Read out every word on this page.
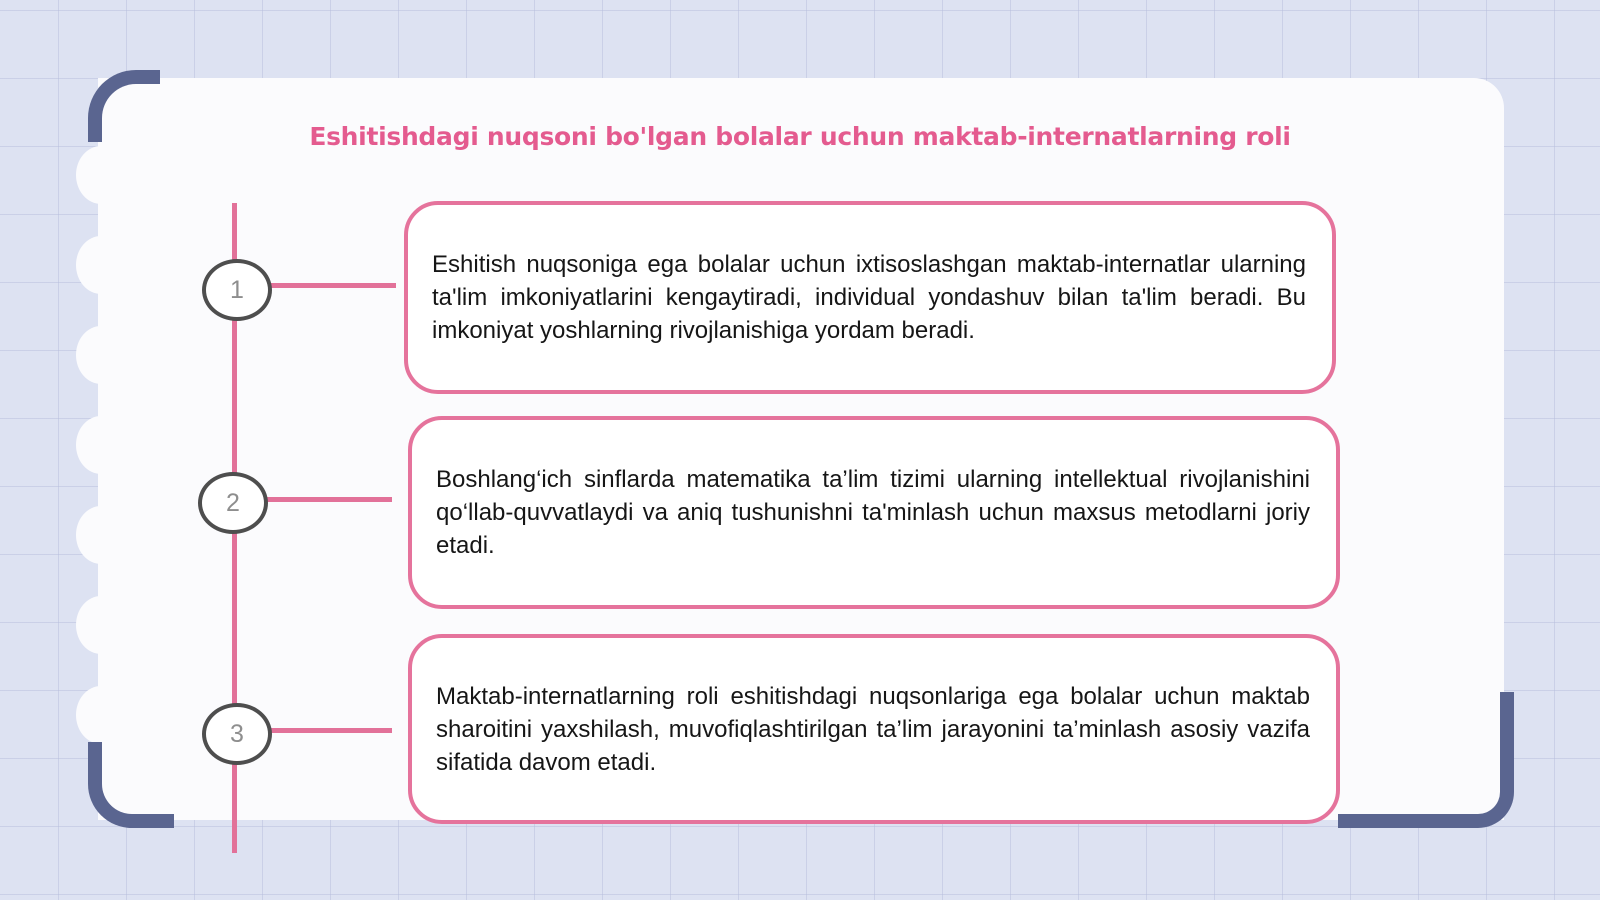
Eshitishdagi nuqsoni bo'lgan bolalar uchun maktab-internatlarning roli
1
2
3

Eshitish nuqsoniga ega bolalar uchun ixtisoslashgan maktab-internatlar ularning ta'lim imkoniyatlarini kengaytiradi, individual yondashuv bilan ta'lim beradi. Bu imkoniyat yoshlarning rivojlanishiga yordam beradi.

Boshlang‘ich sinflarda matematika ta’lim tizimi ularning intellektual rivojlanishini qo‘llab-quvvatlaydi va aniq tushunishni ta'minlash uchun maxsus metodlarni joriy etadi.

Maktab-internatlarning roli eshitishdagi nuqsonlariga ega bolalar uchun maktab sharoitini yaxshilash, muvofiqlashtirilgan ta’lim jarayonini ta’minlash asosiy vazifa sifatida davom etadi.
